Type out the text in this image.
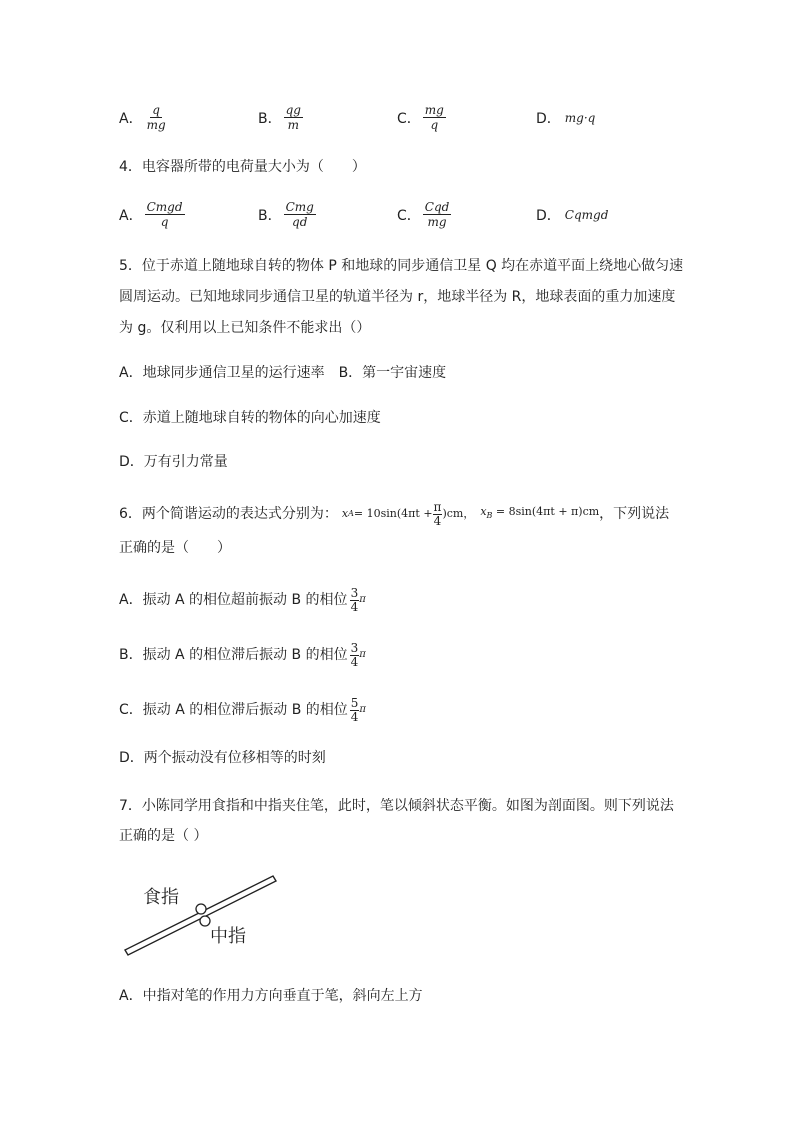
A． $\frac{q}{mg}$	B． $\frac{qg}{m}$	C． $\frac{mg}{q}$	D． mg·q
4．电容器所带的电荷量大小为（　　）
A． $\frac{\text{Cmgd}}{q}$	B． $\frac{\text{Cmg}}{qd}$	C． $\frac{\text{Cqd}}{mg}$	D． Cqmgd
5．位于赤道上随地球自转的物体 P 和地球的同步通信卫星 Q 均在赤道平面上绕地心做匀速
圆周运动。已知地球同步通信卫星的轨道半径为 r，地球半径为 R，地球表面的重力加速度
为 g。仅利用以上已知条件不能求出（）
A．地球同步通信卫星的运行速率　B．第一宇宙速度
C．赤道上随地球自转的物体的向心加速度
D．万有引力常量
6．两个简谐运动的表达式分别为： x $A = 10\sin(4\pi t + \frac{\pi}{4} )cm$， $x_B = 8\sin(4\pi t + \pi)cm$ ，下列说法
正确的是（　　）
A．振动 A 的相位超前振动 B 的相位 $\frac{3}{4}$ π
B．振动 A 的相位滞后振动 B 的相位 $\frac{3}{4}$ π
C．振动 A 的相位滞后振动 B 的相位 $\frac{5}{4}$ π
D．两个振动没有位移相等的时刻
7．小陈同学用食指和中指夹住笔，此时，笔以倾斜状态平衡。如图为剖面图。则下列说法
正确的是（ ）
食指
中指
A．中指对笔的作用力方向垂直于笔，斜向左上方
